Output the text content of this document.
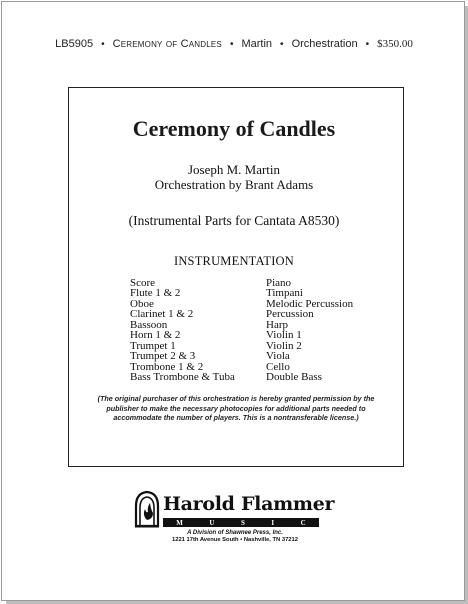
LB5905 • Ceremony of Candles • Martin • Orchestration • $350.00
Ceremony of Candles
Joseph M. Martin
Orchestration by Brant Adams
(Instrumental Parts for Cantata A8530)
INSTRUMENTATION
Score
Flute 1 & 2
Oboe
Clarinet 1 & 2
Bassoon
Horn 1 & 2
Trumpet 1
Trumpet 2 & 3
Trombone 1 & 2
Bass Trombone & Tuba
Piano
Timpani
Melodic Percussion
Percussion
Harp
Violin 1
Violin 2
Viola
Cello
Double Bass
(The original purchaser of this orchestration is hereby granted permission by the publisher to make the necessary photocopies for additional parts needed to accommodate the number of players. This is a nontransferable license.)
Harold Flammer
M	U	S	I	C
A Division of Shawnee Press, Inc.
1221 17th Avenue South • Nashville, TN 37212
